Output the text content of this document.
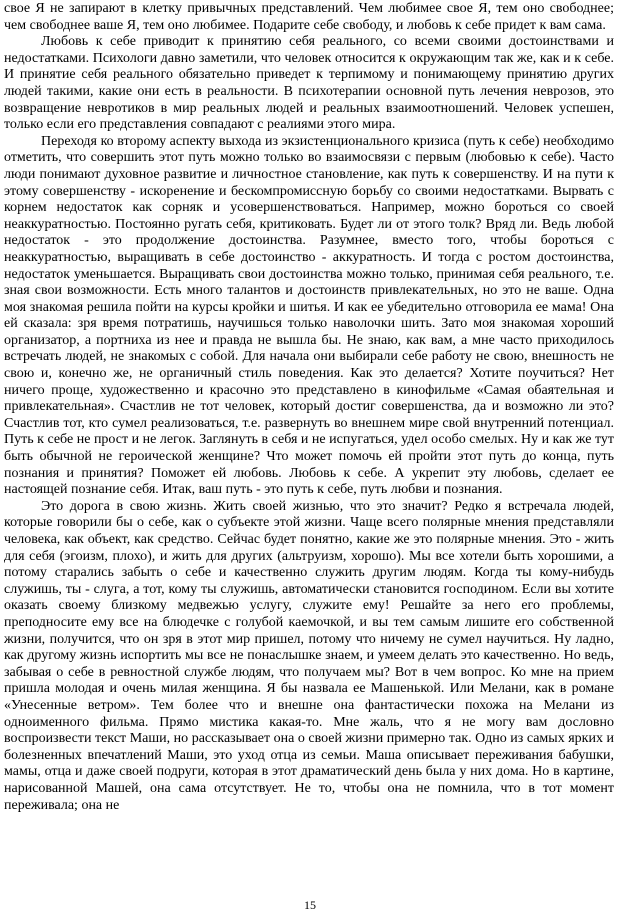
свое Я не запирают в клетку привычных представлений. Чем любимее свое Я, тем оно свободнее; чем свободнее ваше Я, тем оно любимее. Подарите себе свободу, и любовь к себе придет к вам сама.

Любовь к себе приводит к принятию себя реального, со всеми своими достоинствами и недостатками. Психологи давно заметили, что человек относится к окружающим так же, как и к себе. И принятие себя реального обязательно приведет к терпимому и понимающему принятию других людей такими, какие они есть в реальности. В психотерапии основной путь лечения неврозов, это возвращение невротиков в мир реальных людей и реальных взаимоотношений. Человек успешен, только если его представления совпадают с реалиями этого мира.

Переходя ко второму аспекту выхода из экзистенционального кризиса (путь к себе) необходимо отметить, что совершить этот путь можно только во взаимосвязи с первым (любовью к себе). Часто люди понимают духовное развитие и личностное становление, как путь к совершенству. И на пути к этому совершенству - искоренение и бескомпромиссную борьбу со своими недостатками. Вырвать с корнем недостаток как сорняк и усовершенствоваться. Например, можно бороться со своей неаккуратностью. Постоянно ругать себя, критиковать. Будет ли от этого толк? Вряд ли. Ведь любой недостаток - это продолжение достоинства. Разумнее, вместо того, чтобы бороться с неаккуратностью, выращивать в себе достоинство - аккуратность. И тогда с ростом достоинства, недостаток уменьшается. Выращивать свои достоинства можно только, принимая себя реального, т.е. зная свои возможности. Есть много талантов и достоинств привлекательных, но это не ваше. Одна моя знакомая решила пойти на курсы кройки и шитья. И как ее убедительно отговорила ее мама! Она ей сказала: зря время потратишь, научишься только наволочки шить. Зато моя знакомая хороший организатор, а портниха из нее и правда не вышла бы. Не знаю, как вам, а мне часто приходилось встречать людей, не знакомых с собой. Для начала они выбирали себе работу не свою, внешность не свою и, конечно же, не органичный стиль поведения. Как это делается? Хотите поучиться? Нет ничего проще, художественно и красочно это представлено в кинофильме «Самая обаятельная и привлекательная». Счастлив не тот человек, который достиг совершенства, да и возможно ли это? Счастлив тот, кто сумел реализоваться, т.е. развернуть во внешнем мире свой внутренний потенциал. Путь к себе не прост и не легок. Заглянуть в себя и не испугаться, удел особо смелых. Ну и как же тут быть обычной не героической женщине? Что может помочь ей пройти этот путь до конца, путь познания и принятия? Поможет ей любовь. Любовь к себе. А укрепит эту любовь, сделает ее настоящей познание себя. Итак, ваш путь - это путь к себе, путь любви и познания.

Это дорога в свою жизнь. Жить своей жизнью, что это значит? Редко я встречала людей, которые говорили бы о себе, как о субъекте этой жизни. Чаще всего полярные мнения представляли человека, как объект, как средство. Сейчас будет понятно, какие же это полярные мнения. Это - жить для себя (эгоизм, плохо), и жить для других (альтруизм, хорошо). Мы все хотели быть хорошими, а потому старались забыть о себе и качественно служить другим людям. Когда ты кому-нибудь служишь, ты - слуга, а тот, кому ты служишь, автоматически становится господином. Если вы хотите оказать своему близкому медвежью услугу, служите ему! Решайте за него его проблемы, преподносите ему все на блюдечке с голубой каемочкой, и вы тем самым лишите его собственной жизни, получится, что он зря в этот мир пришел, потому что ничему не сумел научиться. Ну ладно, как другому жизнь испортить мы все не понаслышке знаем, и умеем делать это качественно. Но ведь, забывая о себе в ревностной службе людям, что получаем мы? Вот в чем вопрос. Ко мне на прием пришла молодая и очень милая женщина. Я бы назвала ее Машенькой. Или Мелани, как в романе «Унесенные ветром». Тем более что и внешне она фантастически похожа на Мелани из одноименного фильма. Прямо мистика какая-то. Мне жаль, что я не могу вам дословно воспроизвести текст Маши, но рассказывает она о своей жизни примерно так. Одно из самых ярких и болезненных впечатлений Маши, это уход отца из семьи. Маша описывает переживания бабушки, мамы, отца и даже своей подруги, которая в этот драматический день была у них дома. Но в картине, нарисованной Машей, она сама отсутствует. Не то, чтобы она не помнила, что в тот момент переживала; она не

15
